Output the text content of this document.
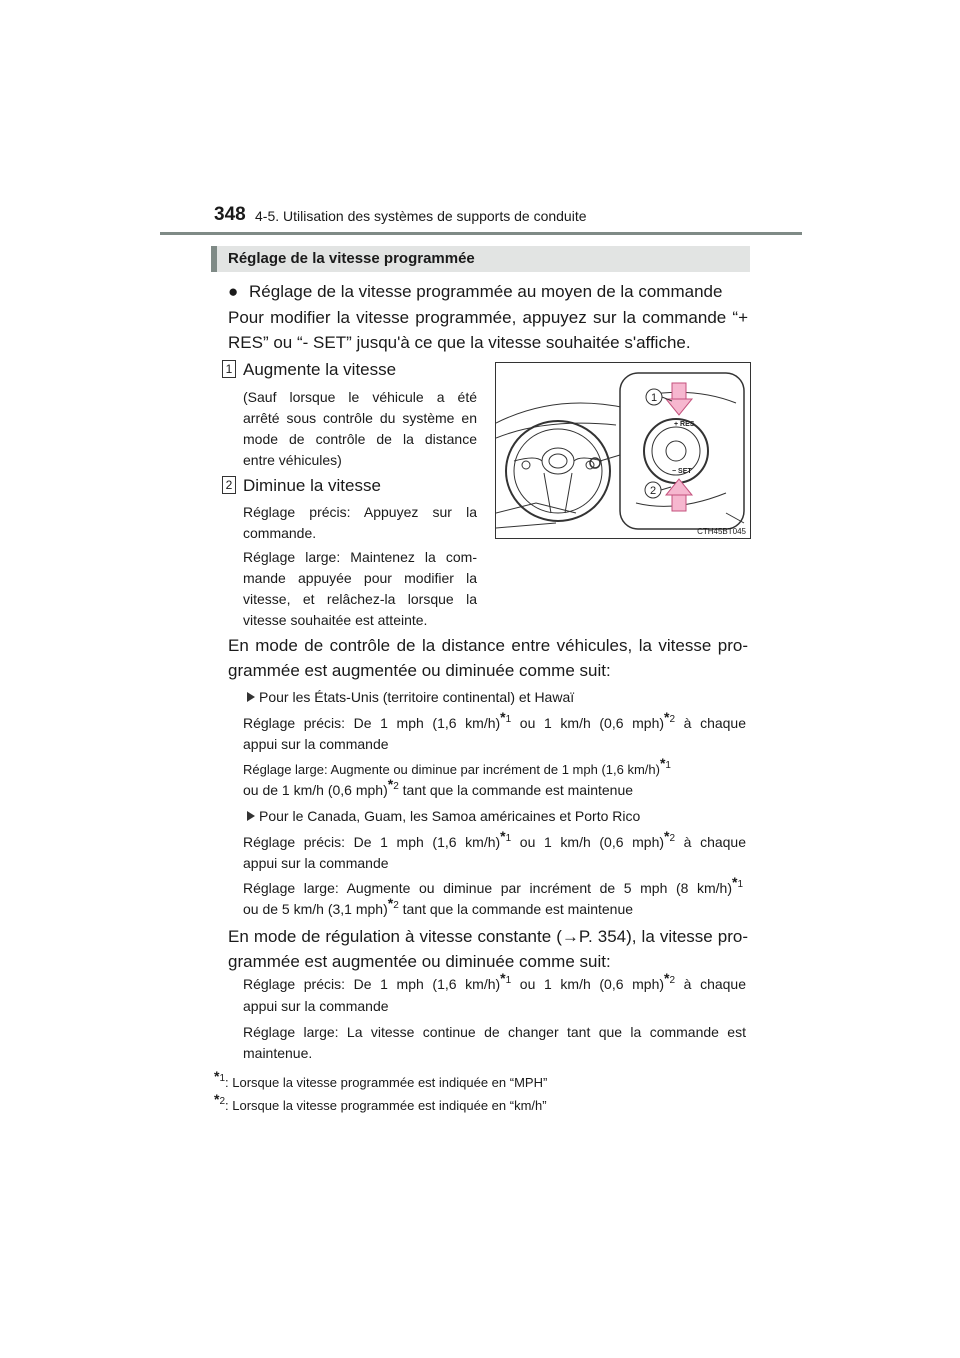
348 4-5. Utilisation des systèmes de supports de conduite
Réglage de la vitesse programmée
● Réglage de la vitesse programmée au moyen de la commande
Pour modifier la vitesse programmée, appuyez sur la commande “+
RES” ou “- SET” jusqu'à ce que la vitesse souhaitée s'affiche.
1 Augmente la vitesse
(Sauf lorsque le véhicule a été
arrêté sous contrôle du système en
mode de contrôle de la distance
entre véhicules)
2 Diminue la vitesse
Réglage précis: Appuyez sur la
commande.
Réglage large: Maintenez la com-
mande appuyée pour modifier la
vitesse, et relâchez-la lorsque la
vitesse souhaitée est atteinte.
+ RES
− SET
1
2
CTH45BT045
En mode de contrôle de la distance entre véhicules, la vitesse pro-
grammée est augmentée ou diminuée comme suit:
Pour les États-Unis (territoire continental) et Hawaï
Réglage précis: De 1 mph (1,6 km/h)$^{*1}$ ou 1 km/h (0,6 mph)$^{*2}$ à chaque
appui sur la commande
Réglage large: Augmente ou diminue par incrément de 1 mph (1,6 km/h)$^{*1}$
ou de 1 km/h (0,6 mph)$^{*2}$ tant que la commande est maintenue
Pour le Canada, Guam, les Samoa américaines et Porto Rico
Réglage précis: De 1 mph (1,6 km/h)$^{*1}$ ou 1 km/h (0,6 mph)$^{*2}$ à chaque
appui sur la commande
Réglage large: Augmente ou diminue par incrément de 5 mph (8 km/h)$^{*1}$
ou de 5 km/h (3,1 mph)$^{*2}$ tant que la commande est maintenue
En mode de régulation à vitesse constante (→P. 354), la vitesse pro-
grammée est augmentée ou diminuée comme suit:
Réglage précis: De 1 mph (1,6 km/h)$^{*1}$ ou 1 km/h (0,6 mph)$^{*2}$ à chaque
appui sur la commande
Réglage large: La vitesse continue de changer tant que la commande est
maintenue.
$^{*1}$: Lorsque la vitesse programmée est indiquée en “MPH”
$^{*2}$: Lorsque la vitesse programmée est indiquée en “km/h”
